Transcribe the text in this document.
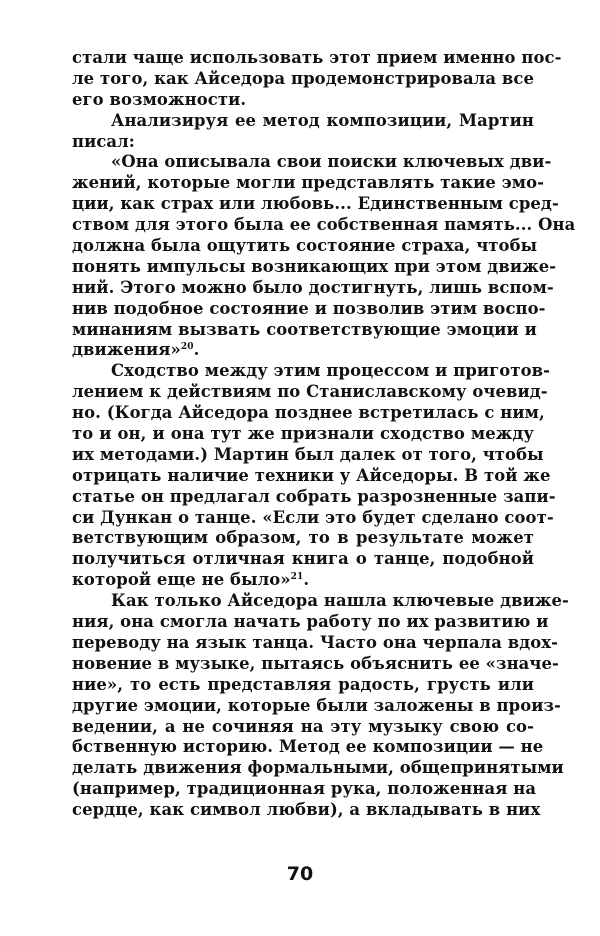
стали чаще использовать этот прием именно пос-
ле того, как Айседора продемонстрировала все
его возможности.
Анализируя ее метод композиции, Мартин
писал:
«Она описывала свои поиски ключевых дви-
жений, которые могли представлять такие эмо-
ции, как страх или любовь... Единственным сред-
ством для этого была ее собственная память... Она
должна была ощутить состояние страха, чтобы
понять импульсы возникающих при этом движе-
ний. Этого можно было достигнуть, лишь вспом-
нив подобное состояние и позволив этим воспо-
минаниям вызвать соответствующие эмоции и
движения»$^{20}$.
Сходство между этим процессом и приготов-
лением к действиям по Станиславскому очевид-
но. (Когда Айседора позднее встретилась с ним,
то и он, и она тут же признали сходство между
их методами.) Мартин был далек от того, чтобы
отрицать наличие техники у Айседоры. В той же
статье он предлагал собрать разрозненные запи-
си Дункан о танце. «Если это будет сделано соот-
ветствующим образом, то в результате может
получиться отличная книга о танце, подобной
которой еще не было»$^{21}$.
Как только Айседора нашла ключевые движе-
ния, она смогла начать работу по их развитию и
переводу на язык танца. Часто она черпала вдох-
новение в музыке, пытаясь объяснить ее «значе-
ние», то есть представляя радость, грусть или
другие эмоции, которые были заложены в произ-
ведении, а не сочиняя на эту музыку свою со-
бственную историю. Метод ее композиции — не
делать движения формальными, общепринятыми
(например, традиционная рука, положенная на
сердце, как символ любви), а вкладывать в них
70
